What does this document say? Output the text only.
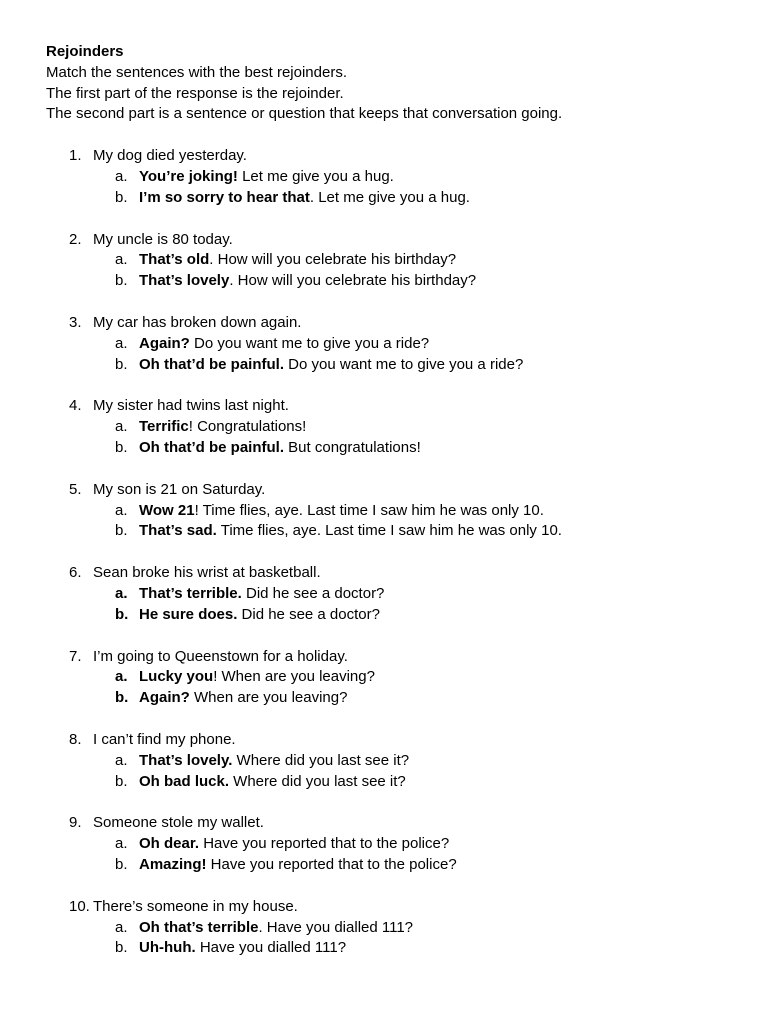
Rejoinders
Match the sentences with the best rejoinders.
The first part of the response is the rejoinder.
The second part is a sentence or question that keeps that conversation going.
1. My dog died yesterday.
a. You’re joking! Let me give you a hug.
b. I’m so sorry to hear that. Let me give you a hug.
2. My uncle is 80 today.
a. That’s old. How will you celebrate his birthday?
b. That’s lovely. How will you celebrate his birthday?
3. My car has broken down again.
a. Again? Do you want me to give you a ride?
b. Oh that’d be painful. Do you want me to give you a ride?
4. My sister had twins last night.
a. Terrific! Congratulations!
b. Oh that’d be painful. But congratulations!
5. My son is 21 on Saturday.
a. Wow 21! Time flies, aye. Last time I saw him he was only 10.
b. That’s sad. Time flies, aye. Last time I saw him he was only 10.
6. Sean broke his wrist at basketball.
a. That’s terrible. Did he see a doctor?
b. He sure does. Did he see a doctor?
7. I’m going to Queenstown for a holiday.
a. Lucky you! When are you leaving?
b. Again? When are you leaving?
8. I can’t find my phone.
a. That’s lovely. Where did you last see it?
b. Oh bad luck. Where did you last see it?
9. Someone stole my wallet.
a. Oh dear. Have you reported that to the police?
b. Amazing! Have you reported that to the police?
10. There’s someone in my house.
a. Oh that’s terrible. Have you dialled 111?
b. Uh-huh. Have you dialled 111?
